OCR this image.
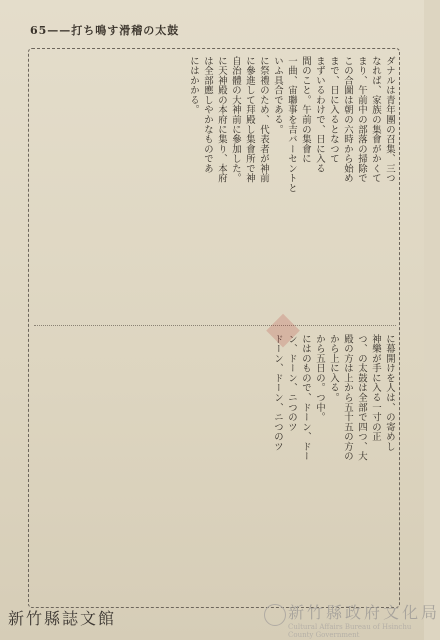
65——打ち鳴す滑稽の太鼓

ダナルは青年團の召集、三つ

なれば、家族の集會がかくて

まり、午前中の部落の掃除で

この合圖は朝の六時から始め

まで、日に入るとなつて

まずいるわけで、日に入る

間のこと。午前の集會に

一曲、宙聯事を吉バーセントと

いふ具合である。

に祭禮のため、代表者が神前

に參進して拜殿し集會所で神

自治體の大神前に參加した。

に天神殿の本府に集り、本府

は全部應しやかなものであ

にはかかる。

に幕開けを人は、の寄めし

神樂が手に入る一寸の正

つ、の太鼓は全部で四つ、大

殿の方は上から五十五の方の

から上に入る。

から五日の。つ中。

にはのもので、ドーン、ドー

ン、ドーン、ニつのツ

ドーン、ドーン、ニつのツ

◆
新竹縣誌文館	新竹縣政府文化局
Cultural Affairs Bureau of Hsinchu
County Government
